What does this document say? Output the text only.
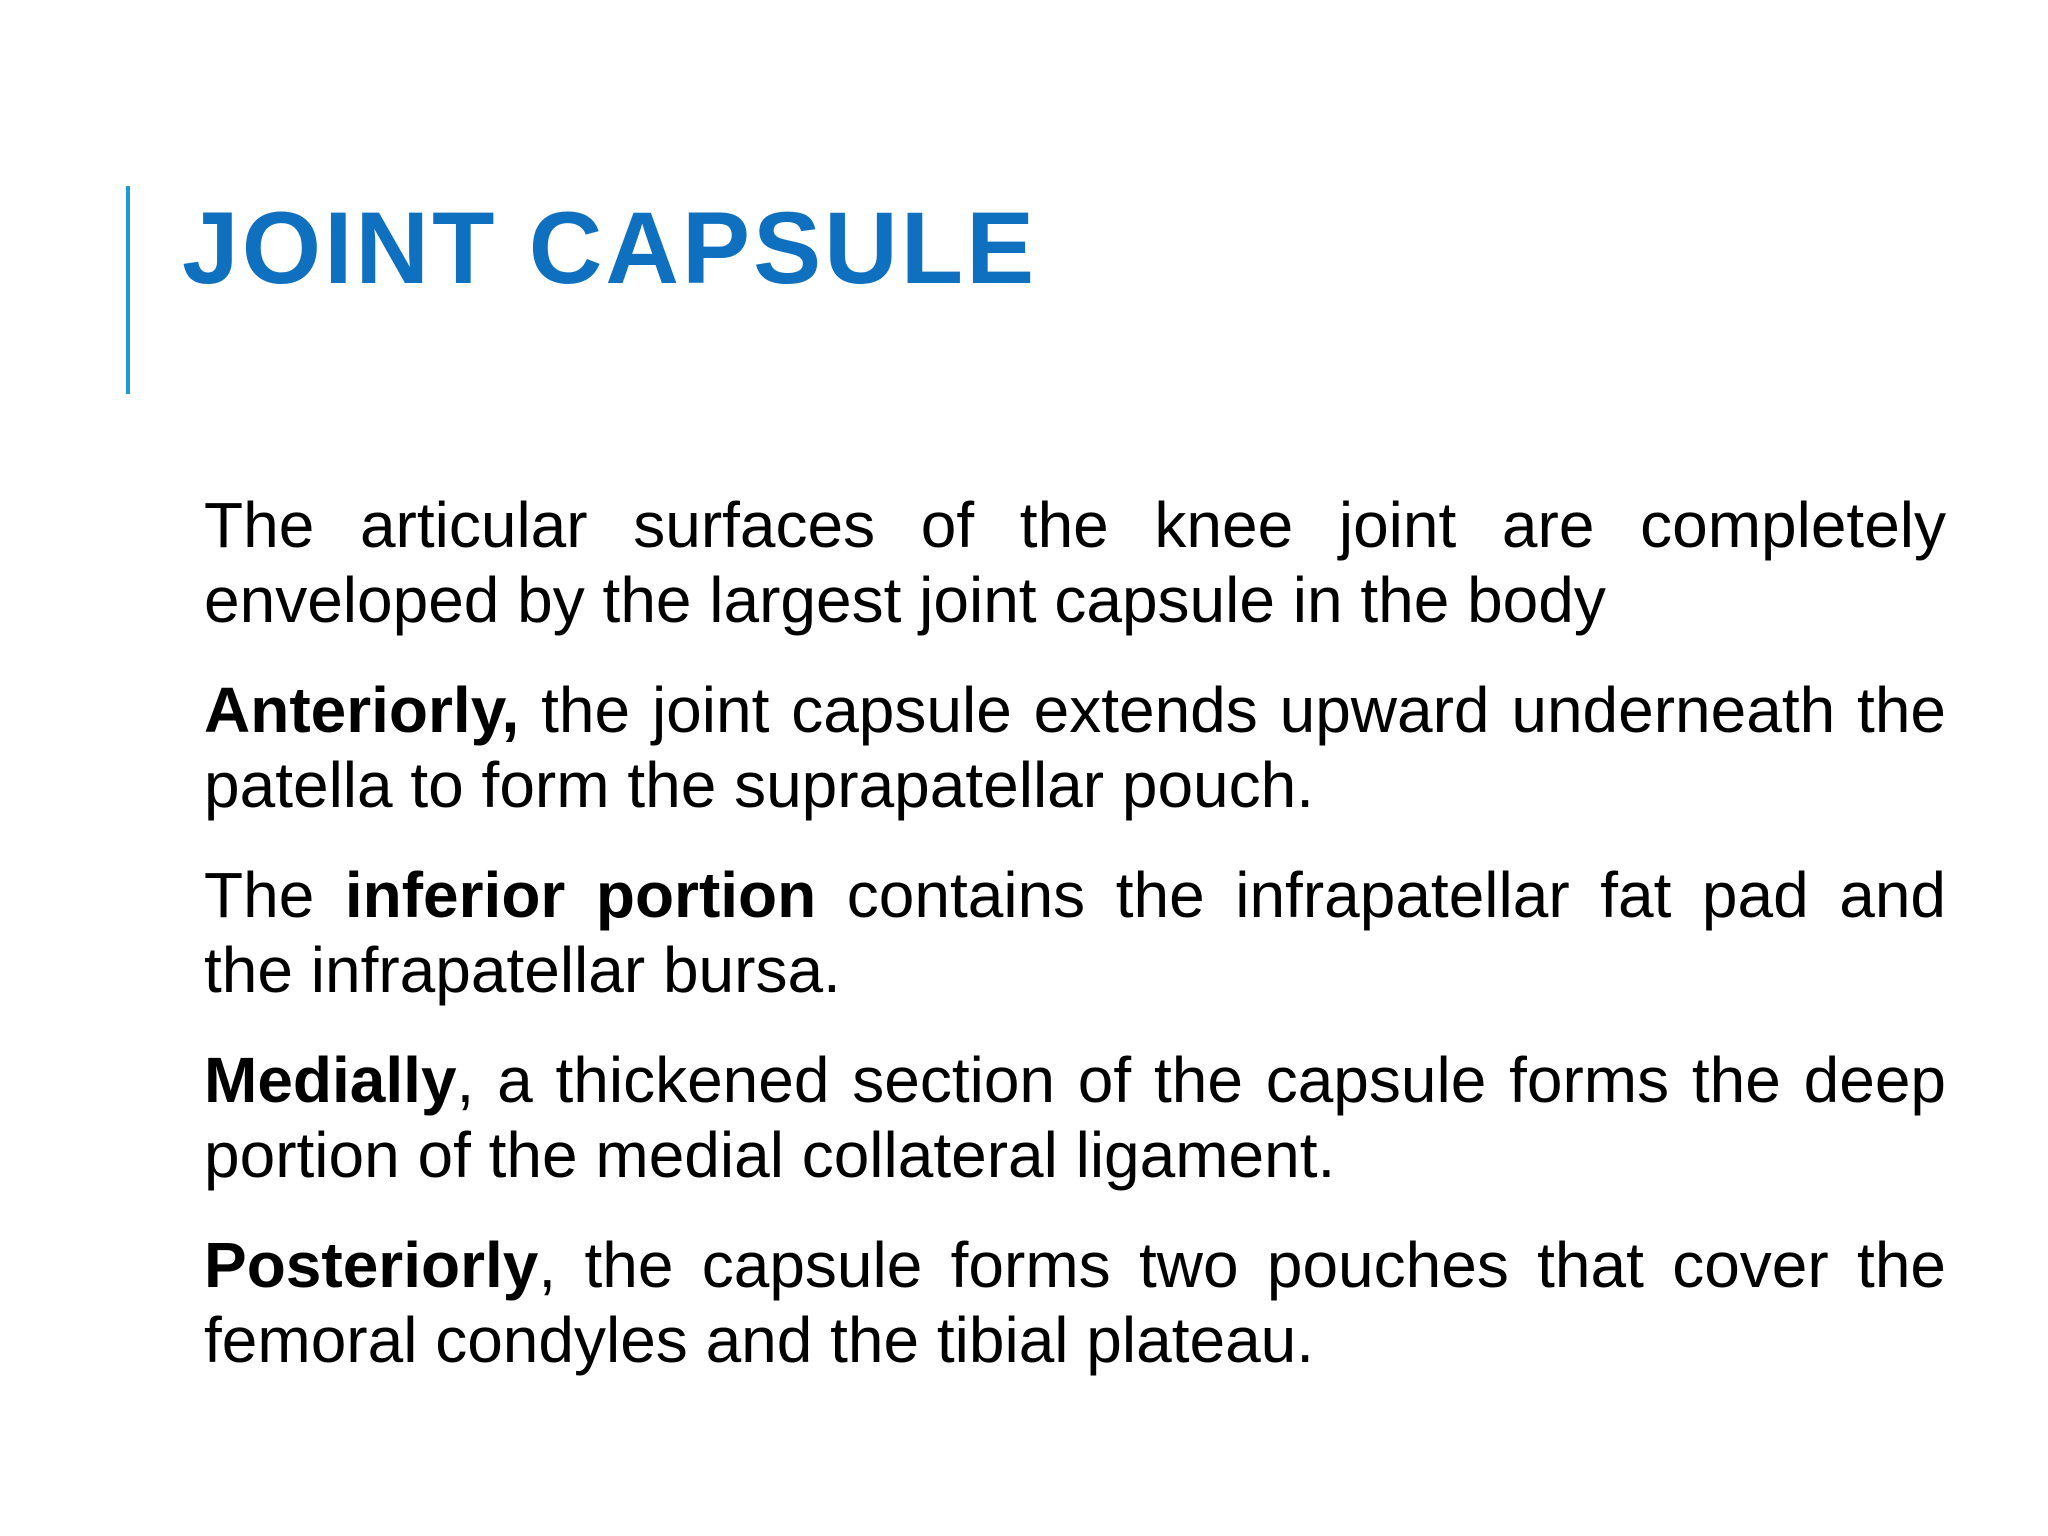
JOINT CAPSULE

The articular surfaces of the knee joint are completely enveloped by the largest joint capsule in the body

Anteriorly, the joint capsule extends upward underneath the patella to form the suprapatellar pouch.

The inferior portion contains the infrapatellar fat pad and the infrapatellar bursa.

Medially, a thickened section of the capsule forms the deep portion of the medial collateral ligament.

Posteriorly, the capsule forms two pouches that cover the femoral condyles and the tibial plateau.
